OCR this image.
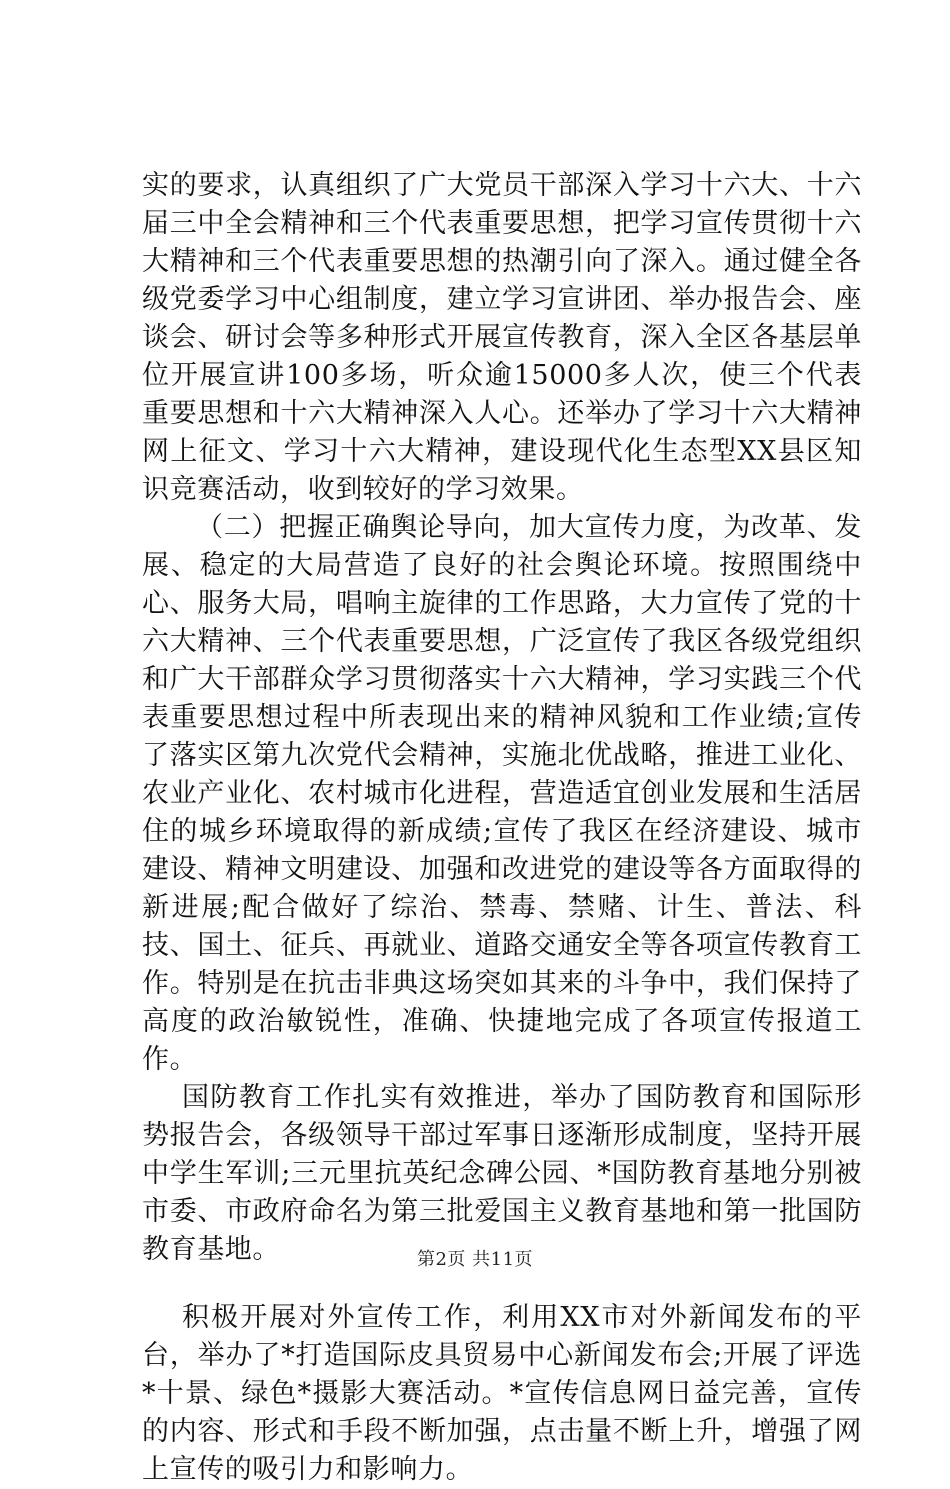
实的要求，认真组织了广大党员干部深入学习十六大、十六届三中全会精神和三个代表重要思想，把学习宣传贯彻十六大精神和三个代表重要思想的热潮引向了深入。通过健全各级党委学习中心组制度，建立学习宣讲团、举办报告会、座谈会、研讨会等多种形式开展宣传教育，深入全区各基层单位开展宣讲100多场，听众逾15000多人次，使三个代表重要思想和十六大精神深入人心。还举办了学习十六大精神网上征文、学习十六大精神，建设现代化生态型XX县区知识竞赛活动，收到较好的学习效果。

（二）把握正确舆论导向，加大宣传力度，为改革、发展、稳定的大局营造了良好的社会舆论环境。按照围绕中心、服务大局，唱响主旋律的工作思路，大力宣传了党的十六大精神、三个代表重要思想，广泛宣传了我区各级党组织和广大干部群众学习贯彻落实十六大精神，学习实践三个代表重要思想过程中所表现出来的精神风貌和工作业绩;宣传了落实区第九次党代会精神，实施北优战略，推进工业化、农业产业化、农村城市化进程，营造适宜创业发展和生活居住的城乡环境取得的新成绩;宣传了我区在经济建设、城市建设、精神文明建设、加强和改进党的建设等各方面取得的新进展;配合做好了综治、禁毒、禁赌、计生、普法、科技、国土、征兵、再就业、道路交通安全等各项宣传教育工作。特别是在抗击非典这场突如其来的斗争中，我们保持了高度的政治敏锐性，准确、快捷地完成了各项宣传报道工作。

国防教育工作扎实有效推进，举办了国防教育和国际形势报告会，各级领导干部过军事日逐渐形成制度，坚持开展中学生军训;三元里抗英纪念碑公园、*国防教育基地分别被市委、市政府命名为第三批爱国主义教育基地和第一批国防教育基地。

积极开展对外宣传工作，利用XX市对外新闻发布的平台，举办了*打造国际皮具贸易中心新闻发布会;开展了评选*十景、绿色*摄影大赛活动。*宣传信息网日益完善，宣传的内容、形式和手段不断加强，点击量不断上升，增强了网上宣传的吸引力和影响力。

第2页 共11页
